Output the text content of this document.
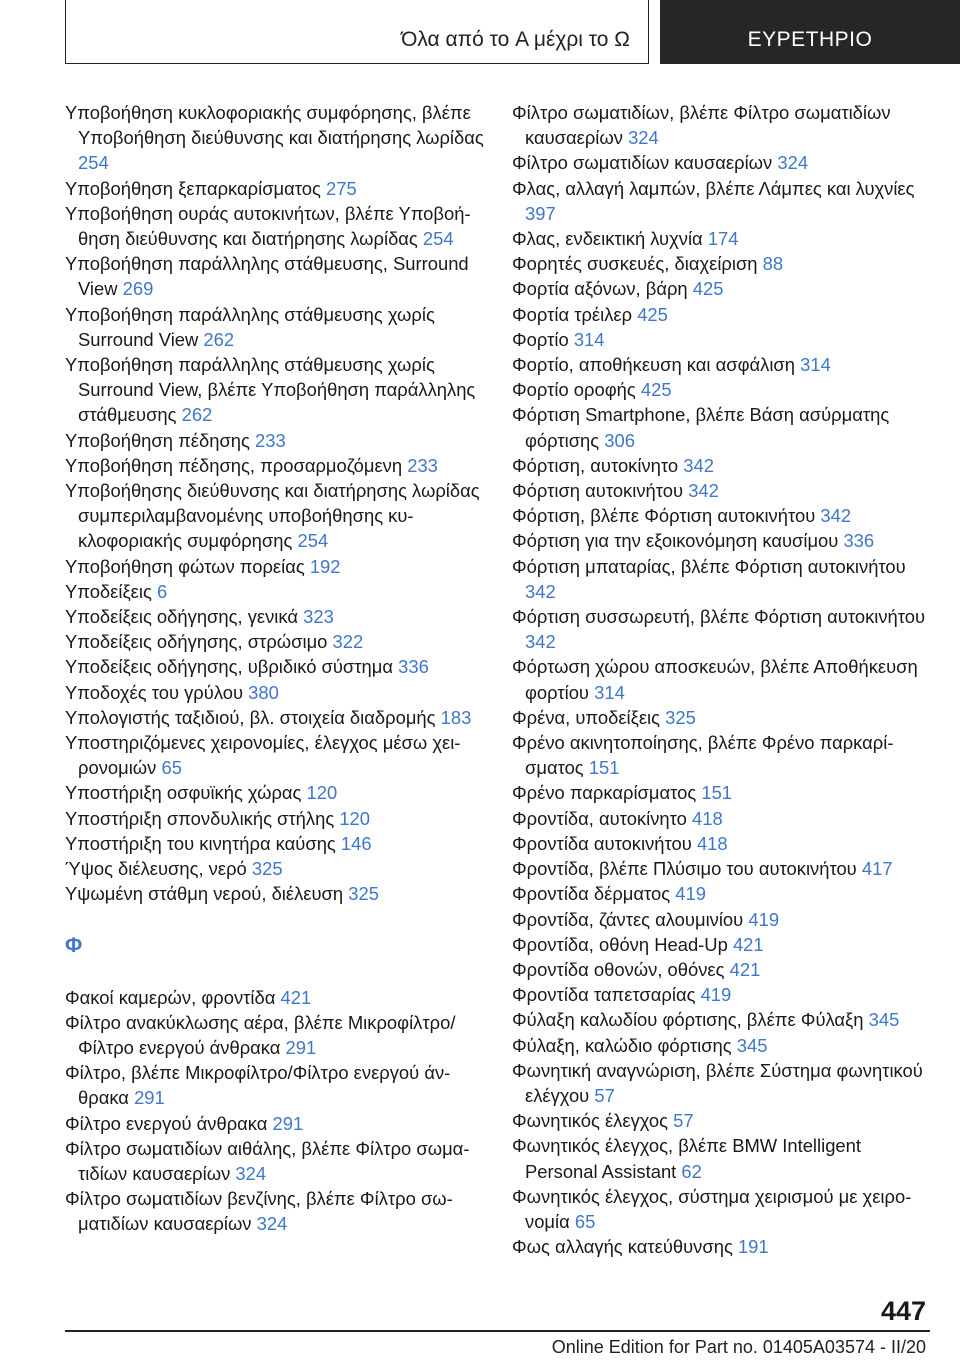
Όλα από το A μέχρι το Ω	ΕΥΡΕΤΗΡΙΟ
Υποβοήθηση κυκλοφοριακής συμφόρησης, βλέπε Υποβοήθηση διεύθυνσης και διατήρησης λωρίδας 254
Υποβοήθηση ξεπαρκαρίσματος 275
Υποβοήθηση ουράς αυτοκινήτων, βλέπε Υποβοήθηση διεύθυνσης και διατήρησης λωρίδας 254
Υποβοήθηση παράλληλης στάθμευσης, Surround View 269
Υποβοήθηση παράλληλης στάθμευσης χωρίς Surround View 262
Υποβοήθηση παράλληλης στάθμευσης χωρίς Surround View, βλέπε Υποβοήθηση παράλληλης στάθμευσης 262
Υποβοήθηση πέδησης 233
Υποβοήθηση πέδησης, προσαρμοζόμενη 233
Υποβοήθησης διεύθυνσης και διατήρησης λωρίδας συμπεριλαμβανομένης υποβοήθησης κυκλοφοριακής συμφόρησης 254
Υποβοήθηση φώτων πορείας 192
Υποδείξεις 6
Υποδείξεις οδήγησης, γενικά 323
Υποδείξεις οδήγησης, στρώσιμο 322
Υποδείξεις οδήγησης, υβριδικό σύστημα 336
Υποδοχές του γρύλου 380
Υπολογιστής ταξιδιού, βλ. στοιχεία διαδρομής 183
Υποστηριζόμενες χειρονομίες, έλεγχος μέσω χειρονομιών 65
Υποστήριξη οσφυϊκής χώρας 120
Υποστήριξη σπονδυλικής στήλης 120
Υποστήριξη του κινητήρα καύσης 146
Ύψος διέλευσης, νερό 325
Υψωμένη στάθμη νερού, διέλευση 325
Φ
Φακοί καμερών, φροντίδα 421
Φίλτρο ανακύκλωσης αέρα, βλέπε Μικροφίλτρο/Φίλτρο ενεργού άνθρακα 291
Φίλτρο, βλέπε Μικροφίλτρο/Φίλτρο ενεργού άνθρακα 291
Φίλτρο ενεργού άνθρακα 291
Φίλτρο σωματιδίων αιθάλης, βλέπε Φίλτρο σωματιδίων καυσαερίων 324
Φίλτρο σωματιδίων βενζίνης, βλέπε Φίλτρο σωματιδίων καυσαερίων 324
Φίλτρο σωματιδίων, βλέπε Φίλτρο σωματιδίων καυσαερίων 324
Φίλτρο σωματιδίων καυσαερίων 324
Φλας, αλλαγή λαμπών, βλέπε Λάμπες και λυχνίες 397
Φλας, ενδεικτική λυχνία 174
Φορητές συσκευές, διαχείριση 88
Φορτία αξόνων, βάρη 425
Φορτία τρέιλερ 425
Φορτίο 314
Φορτίο, αποθήκευση και ασφάλιση 314
Φορτίο οροφής 425
Φόρτιση Smartphone, βλέπε Βάση ασύρματης φόρτισης 306
Φόρτιση, αυτοκίνητο 342
Φόρτιση αυτοκινήτου 342
Φόρτιση, βλέπε Φόρτιση αυτοκινήτου 342
Φόρτιση για την εξοικονόμηση καυσίμου 336
Φόρτιση μπαταρίας, βλέπε Φόρτιση αυτοκινήτου 342
Φόρτιση συσσωρευτή, βλέπε Φόρτιση αυτοκινήτου 342
Φόρτωση χώρου αποσκευών, βλέπε Αποθήκευση φορτίου 314
Φρένα, υποδείξεις 325
Φρένο ακινητοποίησης, βλέπε Φρένο παρκαρίσματος 151
Φρένο παρκαρίσματος 151
Φροντίδα, αυτοκίνητο 418
Φροντίδα αυτοκινήτου 418
Φροντίδα, βλέπε Πλύσιμο του αυτοκινήτου 417
Φροντίδα δέρματος 419
Φροντίδα, ζάντες αλουμινίου 419
Φροντίδα, οθόνη Head-Up 421
Φροντίδα οθονών, οθόνες 421
Φροντίδα ταπετσαρίας 419
Φύλαξη καλωδίου φόρτισης, βλέπε Φύλαξη 345
Φύλαξη, καλώδιο φόρτισης 345
Φωνητική αναγνώριση, βλέπε Σύστημα φωνητικού ελέγχου 57
Φωνητικός έλεγχος 57
Φωνητικός έλεγχος, βλέπε BMW Intelligent Personal Assistant 62
Φωνητικός έλεγχος, σύστημα χειρισμού με χειρονομία 65
Φως αλλαγής κατεύθυνσης 191
447
Online Edition for Part no. 01405A03574 - II/20
